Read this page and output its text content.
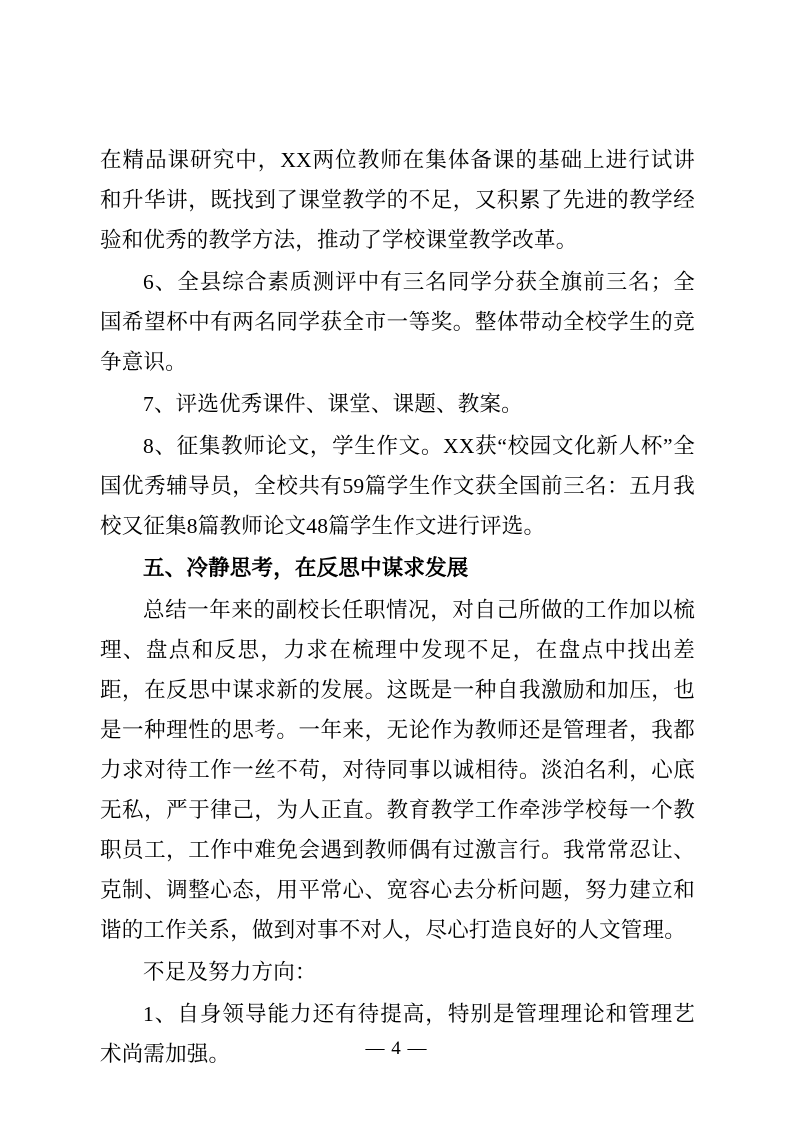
在精品课研究中，XX两位教师在集体备课的基础上进行试讲和升华讲，既找到了课堂教学的不足，又积累了先进的教学经验和优秀的教学方法，推动了学校课堂教学改革。

6、全县综合素质测评中有三名同学分获全旗前三名；全国希望杯中有两名同学获全市一等奖。整体带动全校学生的竞争意识。

7、评选优秀课件、课堂、课题、教案。

8、征集教师论文，学生作文。XX获“校园文化新人杯”全国优秀辅导员，全校共有59篇学生作文获全国前三名：五月我校又征集8篇教师论文48篇学生作文进行评选。

五、冷静思考，在反思中谋求发展

总结一年来的副校长任职情况，对自己所做的工作加以梳理、盘点和反思，力求在梳理中发现不足，在盘点中找出差距，在反思中谋求新的发展。这既是一种自我激励和加压，也是一种理性的思考。一年来，无论作为教师还是管理者，我都力求对待工作一丝不苟，对待同事以诚相待。淡泊名利，心底无私，严于律己，为人正直。教育教学工作牵涉学校每一个教职员工，工作中难免会遇到教师偶有过激言行。我常常忍让、克制、调整心态，用平常心、宽容心去分析问题，努力建立和谐的工作关系，做到对事不对人，尽心打造良好的人文管理。

不足及努力方向：

1、自身领导能力还有待提高，特别是管理理论和管理艺术尚需加强。	— 4 —
